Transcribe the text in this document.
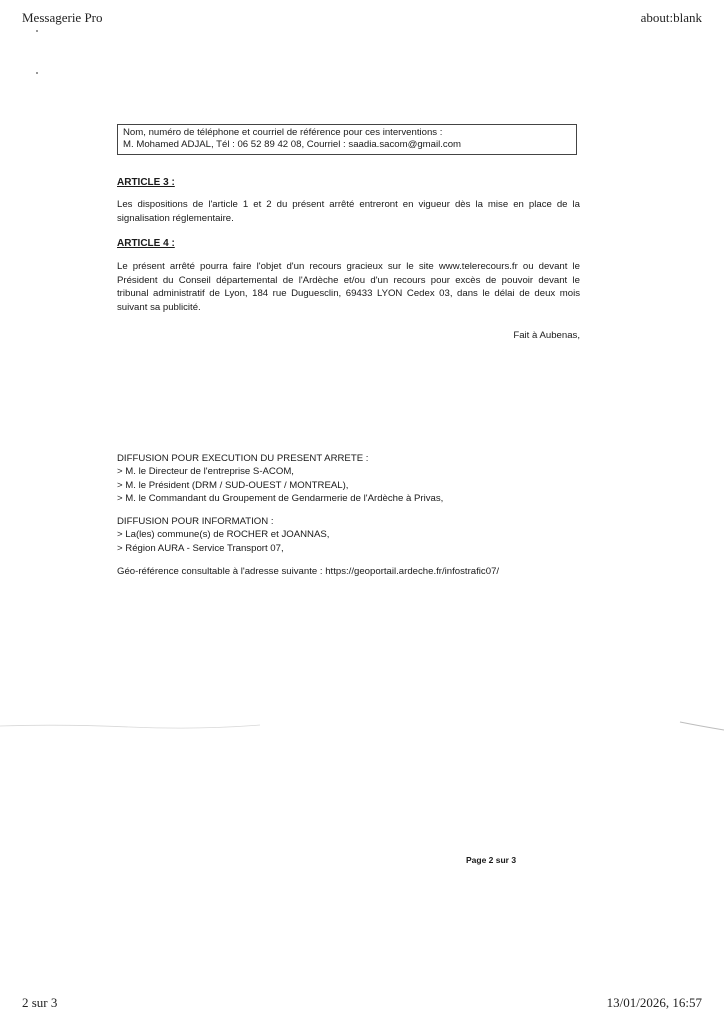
Messagerie Pro	about:blank
Nom, numéro de téléphone et courriel de référence pour ces interventions :
M. Mohamed ADJAL, Tél : 06 52 89 42 08, Courriel : saadia.sacom@gmail.com
ARTICLE 3 :
Les dispositions de l'article 1 et 2 du présent arrêté entreront en vigueur dès la mise en place de la
signalisation réglementaire.
ARTICLE 4 :
Le présent arrêté pourra faire l'objet d'un recours gracieux sur le site www.telerecours.fr ou devant le
Président du Conseil départemental de l'Ardèche et/ou d'un recours pour excès de pouvoir devant le
tribunal administratif de Lyon, 184 rue Duguesclin, 69433 LYON Cedex 03, dans le délai de deux mois
suivant sa publicité.
Fait à Aubenas,
DIFFUSION POUR EXECUTION DU PRESENT ARRETE :
> M. le Directeur de l'entreprise S-ACOM,
> M. le Président (DRM / SUD-OUEST / MONTREAL),
> M. le Commandant du Groupement de Gendarmerie de l'Ardèche à Privas,
DIFFUSION POUR INFORMATION :
> La(les) commune(s) de ROCHER et JOANNAS,
> Région AURA - Service Transport 07,
Géo-référence consultable à l'adresse suivante : https://geoportail.ardeche.fr/infostrafic07/
Page 2 sur 3
2 sur 3	13/01/2026, 16:57
